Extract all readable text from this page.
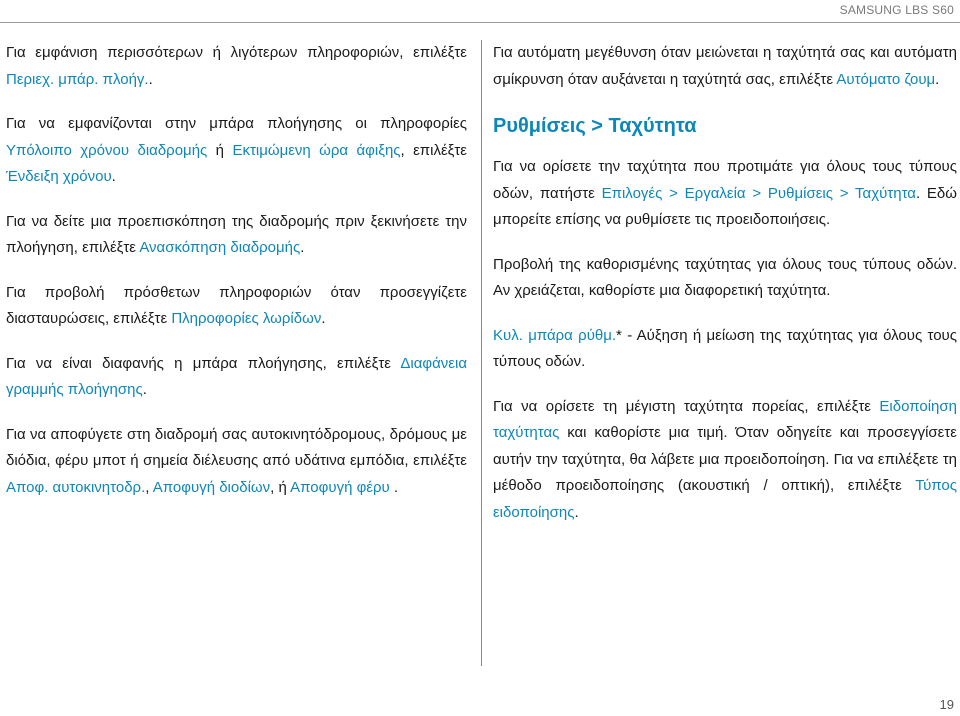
SAMSUNG LBS S60

Για εμφάνιση περισσότερων ή λιγότερων πληροφοριών, επιλέξτε Περιεχ. μπάρ. πλοήγ..

Για να εμφανίζονται στην μπάρα πλοήγησης οι πληροφορίες Υπόλοιπο χρόνου διαδρομής ή Εκτιμώμενη ώρα άφιξης, επιλέξτε Ένδειξη χρόνου.

Για να δείτε μια προεπισκόπηση της διαδρομής πριν ξεκινήσετε την πλοήγηση, επιλέξτε Ανασκόπηση διαδρομής.

Για προβολή πρόσθετων πληροφοριών όταν προσεγγίζετε διασταυρώσεις, επιλέξτε Πληροφορίες λωρίδων.

Για να είναι διαφανής η μπάρα πλοήγησης, επιλέξτε Διαφάνεια γραμμής πλοήγησης.

Για να αποφύγετε στη διαδρομή σας αυτοκινητόδρομους, δρόμους με διόδια, φέρυ μποτ ή σημεία διέλευσης από υδάτινα εμπόδια, επιλέξτε Αποφ. αυτοκινητοδρ., Αποφυγή διοδίων, ή Αποφυγή φέρυ .

Για αυτόματη μεγέθυνση όταν μειώνεται η ταχύτητά σας και αυτόματη σμίκρυνση όταν αυξάνεται η ταχύτητά σας, επιλέξτε Αυτόματο ζουμ.

Ρυθμίσεις > Ταχύτητα

Για να ορίσετε την ταχύτητα που προτιμάτε για όλους τους τύπους οδών, πατήστε Επιλογές > Εργαλεία > Ρυθμίσεις > Ταχύτητα. Εδώ μπορείτε επίσης να ρυθμίσετε τις προειδοποιήσεις.

Προβολή της καθορισμένης ταχύτητας για όλους τους τύπους οδών. Αν χρειάζεται, καθορίστε μια διαφορετική ταχύτητα.

Κυλ. μπάρα ρύθμ.* - Αύξηση ή μείωση της ταχύτητας για όλους τους τύπους οδών.

Για να ορίσετε τη μέγιστη ταχύτητα πορείας, επιλέξτε Ειδοποίηση ταχύτητας και καθορίστε μια τιμή. Όταν οδηγείτε και προσεγγίσετε αυτήν την ταχύτητα, θα λάβετε μια προειδοποίηση. Για να επιλέξετε τη μέθοδο προειδοποίησης (ακουστική / οπτική), επιλέξτε Τύπος ειδοποίησης.

19
